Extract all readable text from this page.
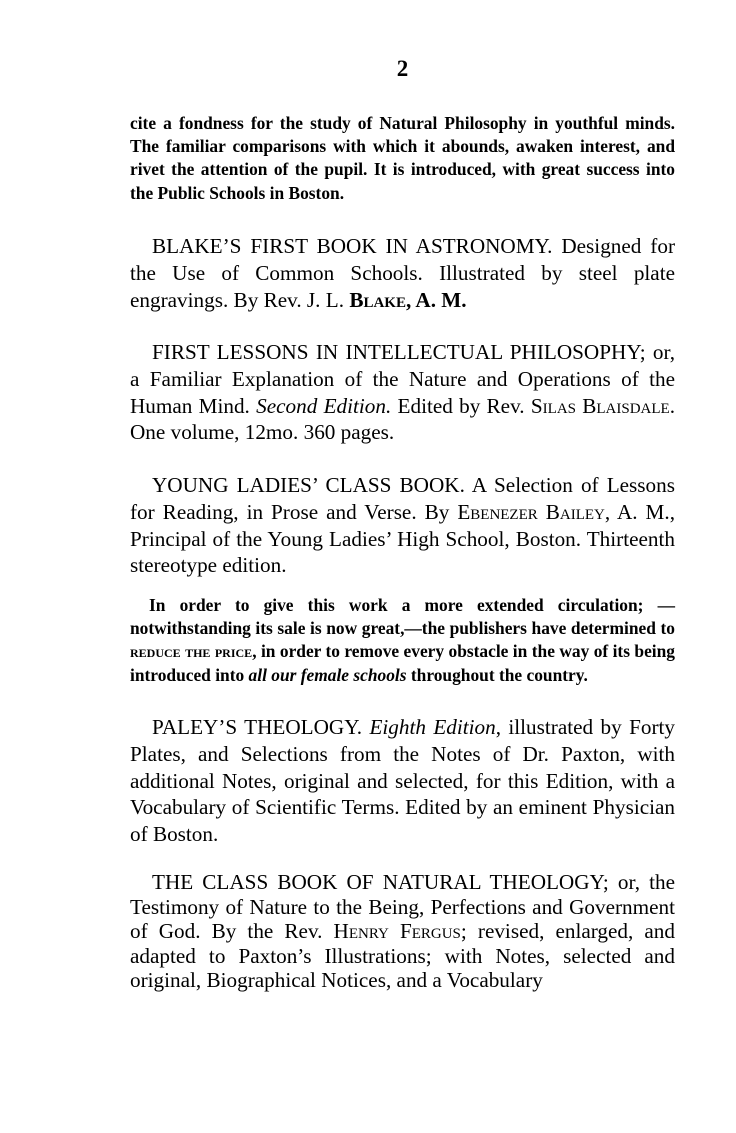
2

cite a fondness for the study of Natural Philosophy in youthful minds. The familiar comparisons with which it abounds, awaken interest, and rivet the attention of the pupil. It is introduced, with great success into the Public Schools in Boston.

BLAKE’S FIRST BOOK IN ASTRONOMY. Designed for the Use of Common Schools. Illustrated by steel plate engravings. By Rev. J. L. Blake, A. M.

FIRST LESSONS IN INTELLECTUAL PHILOSOPHY; or, a Familiar Explanation of the Nature and Operations of the Human Mind. Second Edition. Edited by Rev. Silas Blaisdale. One volume, 12mo. 360 pages.

YOUNG LADIES’ CLASS BOOK. A Selection of Lessons for Reading, in Prose and Verse. By Ebenezer Bailey, A. M., Principal of the Young Ladies’ High School, Boston. Thirteenth stereotype edition.

In order to give this work a more extended circulation; —notwithstanding its sale is now great,—the publishers have determined to reduce the price, in order to remove every obstacle in the way of its being introduced into all our female schools throughout the country.

PALEY’S THEOLOGY. Eighth Edition, illustrated by Forty Plates, and Selections from the Notes of Dr. Paxton, with additional Notes, original and selected, for this Edition, with a Vocabulary of Scientific Terms. Edited by an eminent Physician of Boston.

THE CLASS BOOK OF NATURAL THEOLOGY; or, the Testimony of Nature to the Being, Perfections and Government of God. By the Rev. Henry Fergus; revised, enlarged, and adapted to Paxton’s Illustrations; with Notes, selected and original, Biographical Notices, and a Vocabulary
